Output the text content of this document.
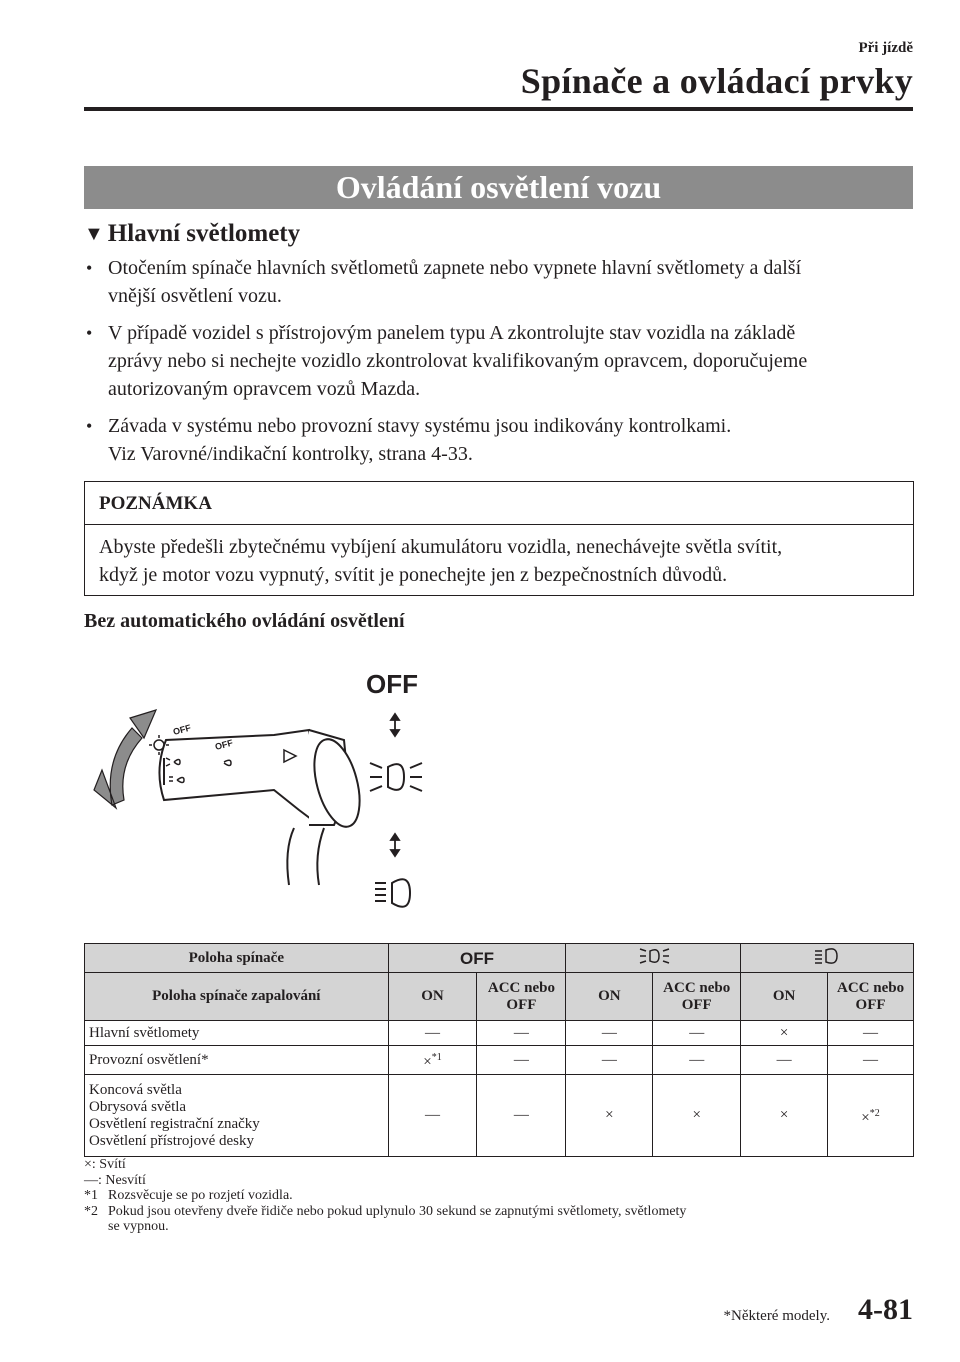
Při jízdě
Spínače a ovládací prvky
Ovládání osvětlení vozu
▼ Hlavní světlomety
• Otočením spínače hlavních světlometů zapnete nebo vypnete hlavní světlomety a další
vnější osvětlení vozu.
• V případě vozidel s přístrojovým panelem typu A zkontrolujte stav vozidla na základě
zprávy nebo si nechejte vozidlo zkontrolovat kvalifikovaným opravcem, doporučujeme
autorizovaným opravcem vozů Mazda.
• Závada v systému nebo provozní stavy systému jsou indikovány kontrolkami.
Viz Varovné/indikační kontrolky, strana 4-33.
POZNÁMKA
Abyste předešli zbytečnému vybíjení akumulátoru vozidla, nenechávejte světla svítit,
když je motor vozu vypnutý, svítit je ponechejte jen z bezpečnostních důvodů.
Bez automatického ovládání osvětlení
OFF
OFF
OFF
Poloha spínače	OFF		
Poloha spínače zapalování	ON	ACC nebo OFF	ON	ACC nebo OFF	ON	ACC nebo OFF
Hlavní světlomety	—	—	—	—	×	—
Provozní osvětlení*	×$^{*1}$	—	—	—	—	—

Koncová světla
Obrysová světla
Osvětlení registrační značky
Osvětlení přístrojové desky	—	—	×	×	×	×$^{*2}$
×: Svítí
—: Nesvítí
*1 Rozsvěcuje se po rozjetí vozidla.
*2 Pokud jsou otevřeny dveře řidiče nebo pokud uplynulo 30 sekund se zapnutými světlomety, světlomety
se vypnou.
*Některé modely. 4-81
